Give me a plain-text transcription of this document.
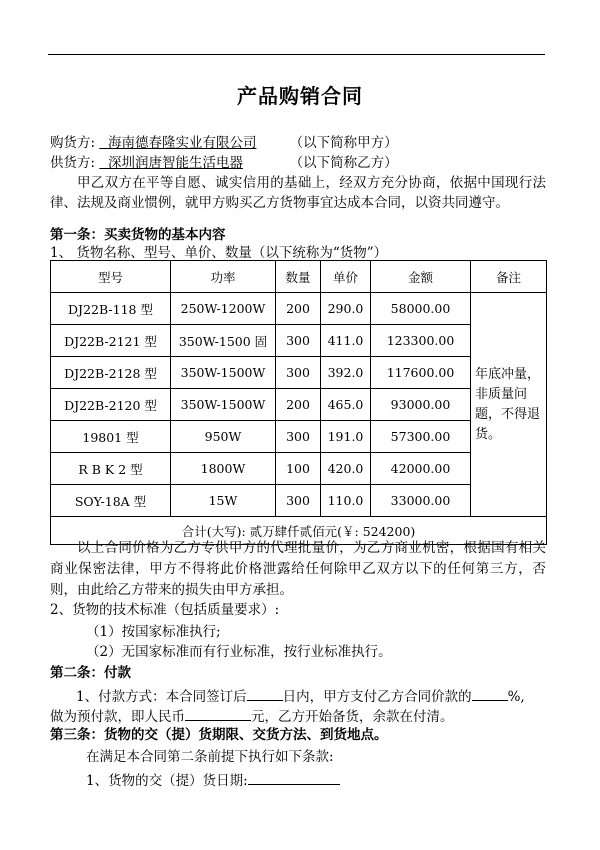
产品购销合同
购货方: 海南德春隆实业有限公司 （以下简称甲方）
供货方: 深圳润唐智能生活电器	（以下简称乙方）
甲乙双方在平等自愿、诚实信用的基础上，经双方充分协商，依据中国现行法律、法规及商业惯例，就甲方购买乙方货物事宜达成本合同，以资共同遵守。
第一条：买卖货物的基本内容
1、 货物名称、型号、单价、数量（以下统称为“货物”）
型号	功率	数量	单价	金额	备注
DJ22B-118 型	250W-1200W	200	290.0	58000.00	年底冲量，非质量问题，不得退货。
DJ22B-2121 型	350W-1500 固	300	411.0	123300.00	
DJ22B-2128 型	350W-1500W	300	392.0	117600.00	
DJ22B-2120 型	350W-1500W	200	465.0	93000.00	
19801 型	950W	300	191.0	57300.00	
R B K 2 型	1800W	100	420.0	42000.00	
SOY-18A 型	15W	300	110.0	33000.00	
合计(大写): 贰万肆仟贰佰元(￥: 524200)					
以上合同价格为乙方专供甲方的代理批量价，为乙方商业机密，根据国有相关商业保密法律，甲方不得将此价格泄露给任何除甲乙双方以下的任何第三方，否则，由此给乙方带来的损失由甲方承担。
2、货物的技术标准（包括质量要求）:
（1）按国家标准执行;
（2）无国家标准而有行业标准，按行业标准执行。
第二条：付款
1、付款方式：本合同签订后	日内，甲方支付乙方合同价款的	%,
做为预付款，即人民币	元，乙方开始备货，余款在付清。
第三条：货物的交（提）货期限、交货方法、到货地点。
在满足本合同第二条前提下执行如下条款:
1、货物的交（提）货日期:
